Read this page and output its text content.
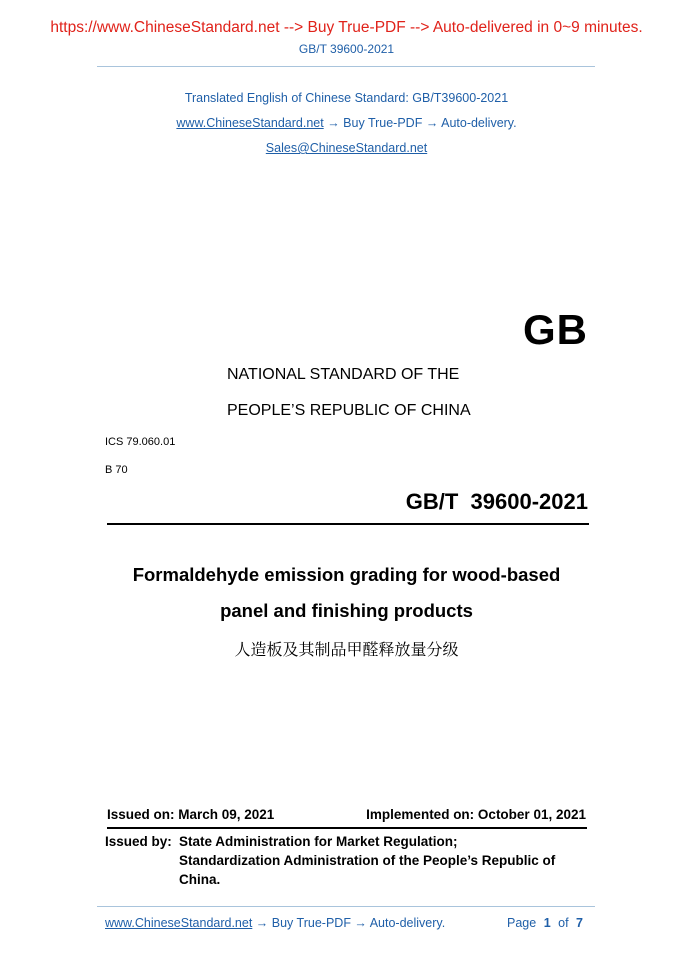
https://www.ChineseStandard.net --> Buy True-PDF --> Auto-delivered in 0~9 minutes.
GB/T 39600-2021
Translated English of Chinese Standard: GB/T39600-2021
www.ChineseStandard.net → Buy True-PDF → Auto-delivery.
Sales@ChineseStandard.net
GB
NATIONAL STANDARD OF THE
PEOPLE’S REPUBLIC OF CHINA
ICS 79.060.01
B 70
GB/T  39600-2021
Formaldehyde emission grading for wood-based
panel and finishing products
人造板及其制品甲醛释放量分级
Issued on: March 09, 2021	Implemented on: October 01, 2021
Issued by: State Administration for Market Regulation;
Standardization Administration of the People’s Republic of
China.
www.ChineseStandard.net → Buy True-PDF → Auto-delivery.	Page 1 of 7
